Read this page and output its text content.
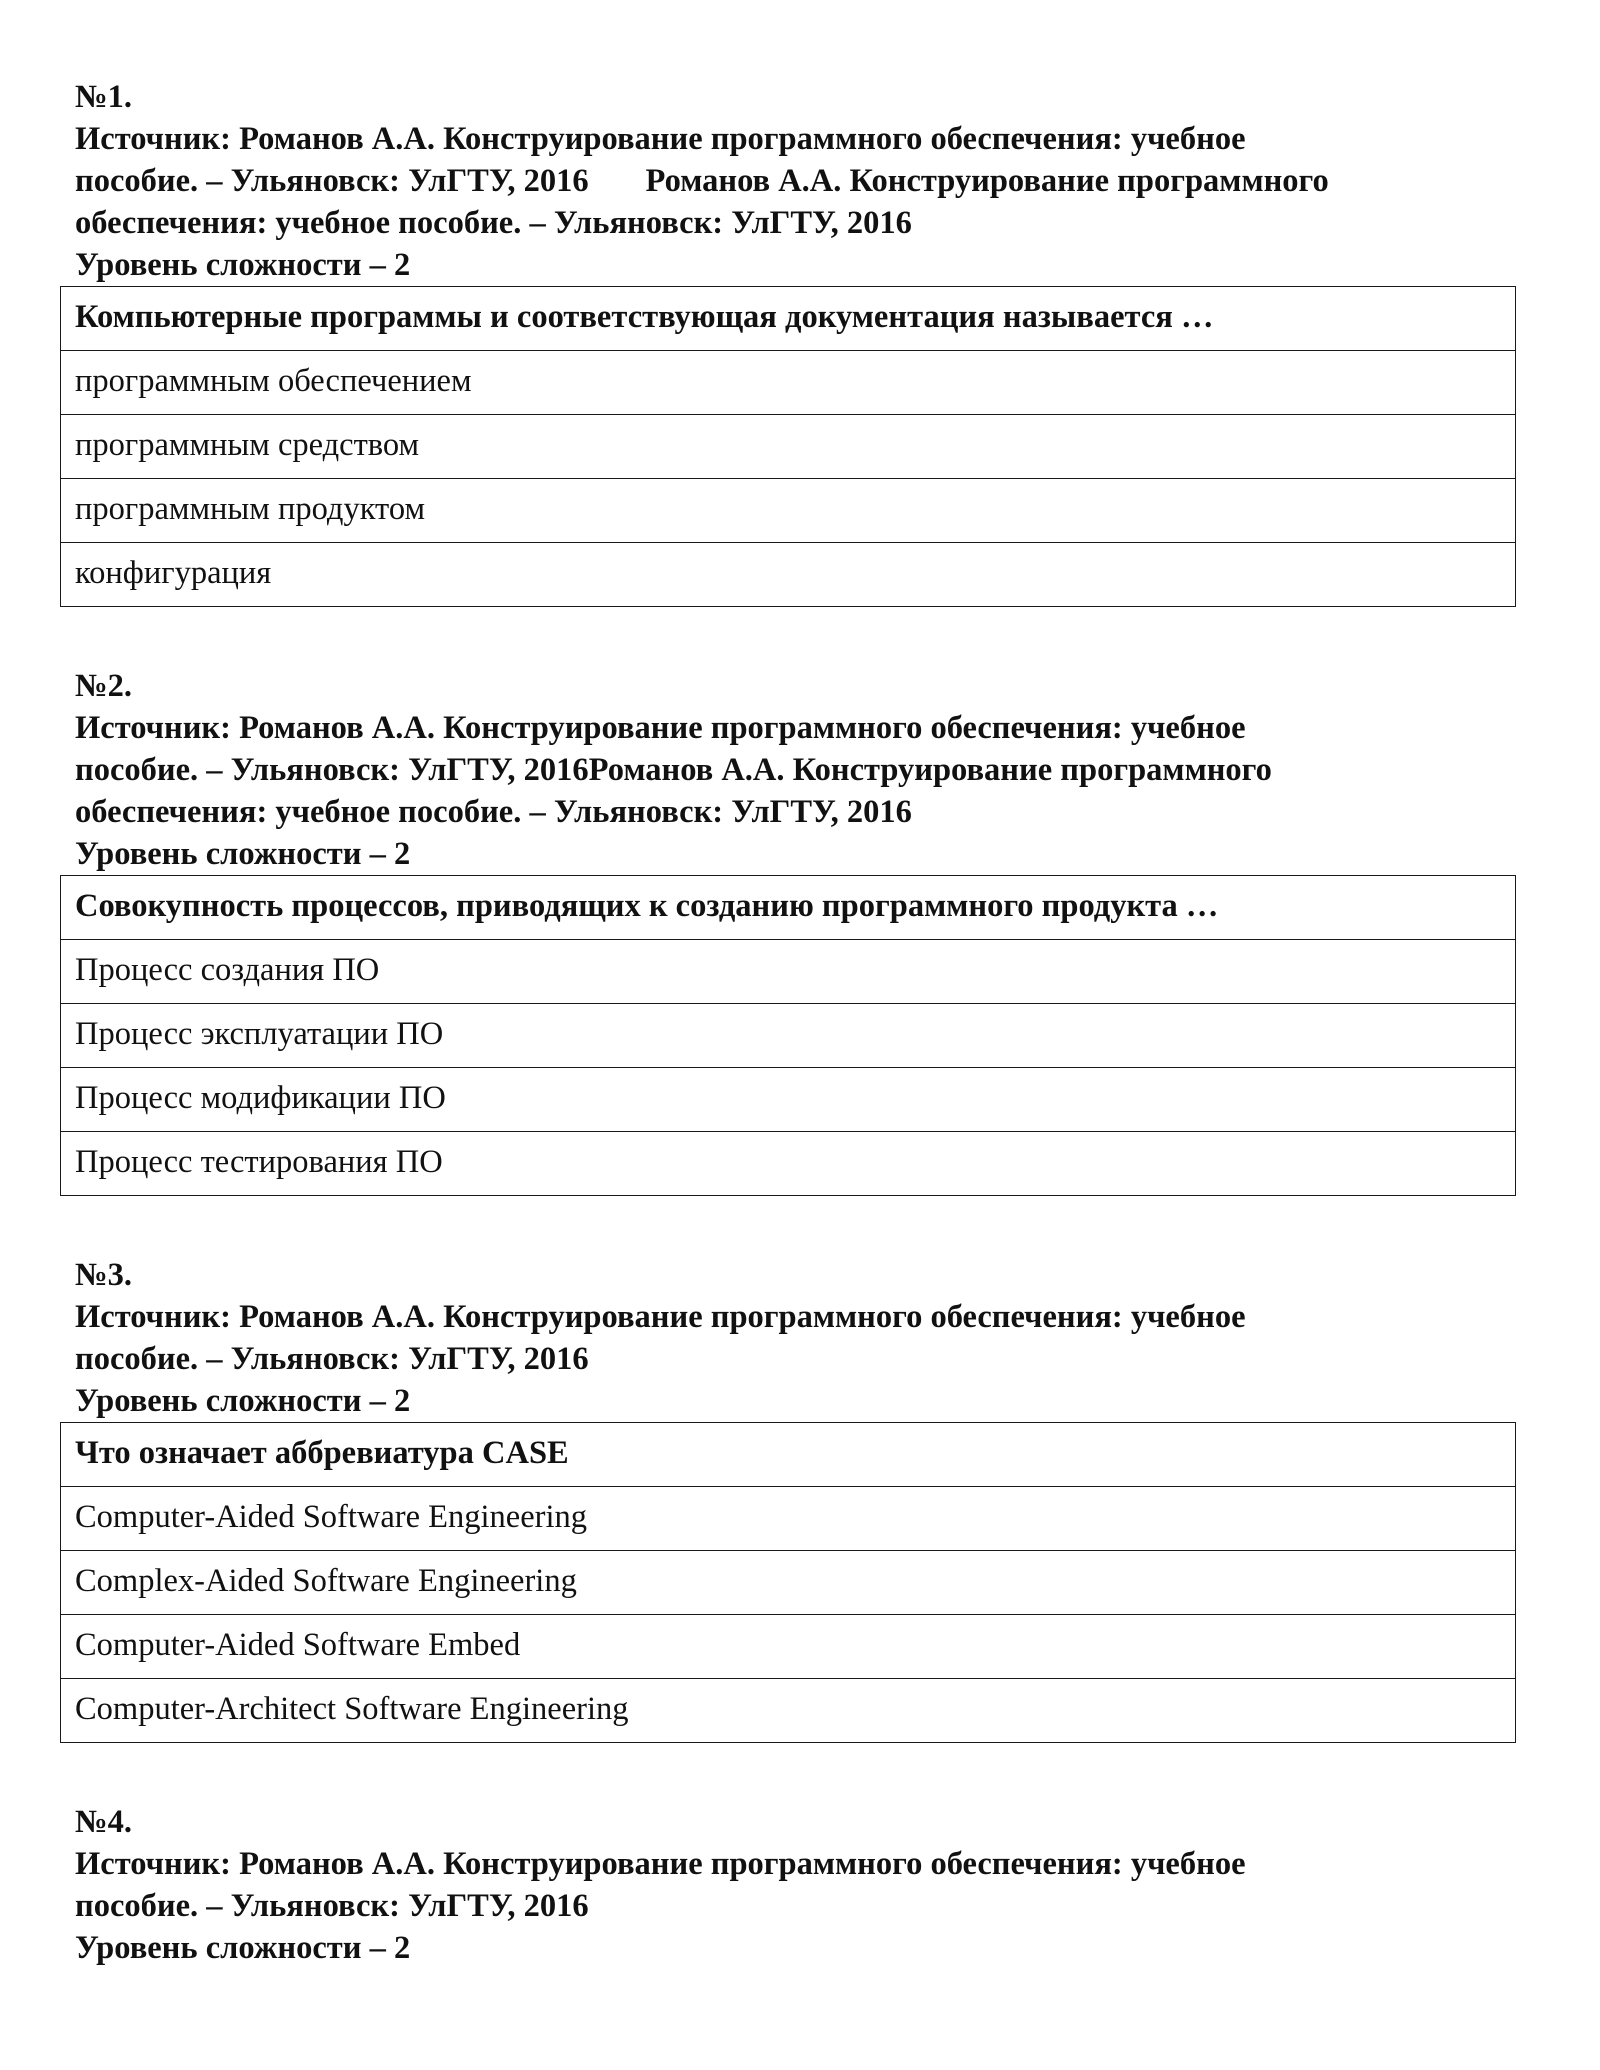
№1.
Источник: Романов А.А. Конструирование программного обеспечения: учебное
пособие. – Ульяновск: УлГТУ, 2016       Романов А.А. Конструирование программного
обеспечения: учебное пособие. – Ульяновск: УлГТУ, 2016
Уровень сложности – 2
Компьютерные программы и соответствующая документация называется …
программным обеспечением
программным средством
программным продуктом
конфигурация
№2.
Источник: Романов А.А. Конструирование программного обеспечения: учебное
пособие. – Ульяновск: УлГТУ, 2016Романов А.А. Конструирование программного
обеспечения: учебное пособие. – Ульяновск: УлГТУ, 2016
Уровень сложности – 2
Совокупность процессов, приводящих к созданию программного продукта …
Процесс создания ПО
Процесс эксплуатации ПО
Процесс модификации ПО
Процесс тестирования ПО
№3.
Источник: Романов А.А. Конструирование программного обеспечения: учебное
пособие. – Ульяновск: УлГТУ, 2016
Уровень сложности – 2
Что означает аббревиатура CASE
Computer-Aided Software Engineering
Complex-Aided Software Engineering
Computer-Aided Software Embed
Computer-Architect Software Engineering
№4.
Источник: Романов А.А. Конструирование программного обеспечения: учебное
пособие. – Ульяновск: УлГТУ, 2016
Уровень сложности – 2
